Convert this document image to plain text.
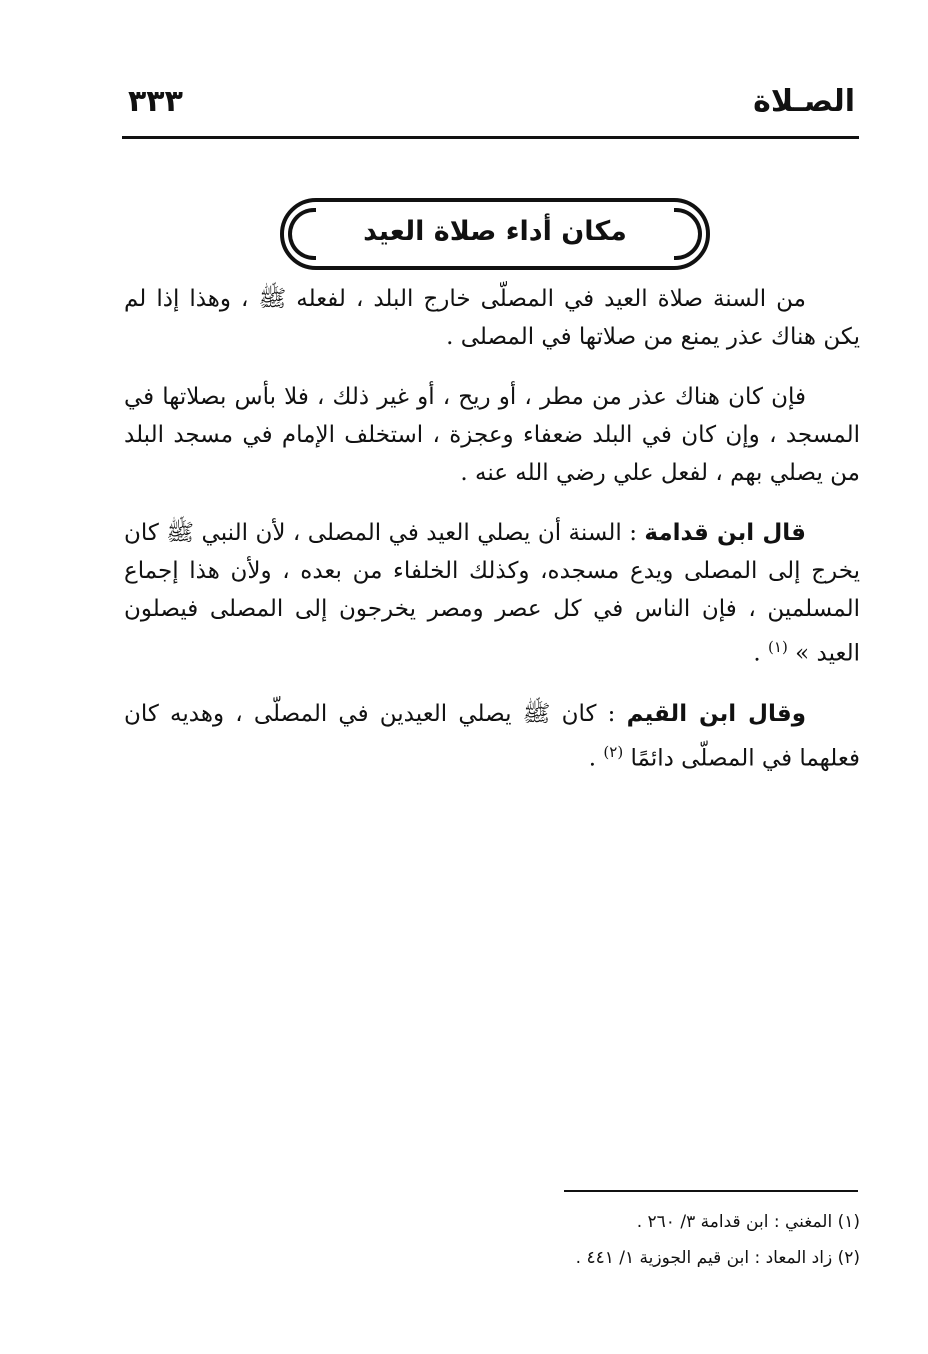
الصـلاة
٣٣٣
مكان أداء صلاة العيد

من السنة صلاة العيد في المصلّى خارج البلد ، لفعله ﷺ ، وهذا إذا لم يكن هناك عذر يمنع من صلاتها في المصلى .

فإن كان هناك عذر من مطر ، أو ريح ، أو غير ذلك ، فلا بأس بصلاتها في المسجد ، وإن كان في البلد ضعفاء وعجزة ، استخلف الإمام في مسجد البلد من يصلي بهم ، لفعل علي رضي الله عنه .

قال ابن قدامة : السنة أن يصلي العيد في المصلى ، لأن النبي ﷺ كان يخرج إلى المصلى ويدع مسجده، وكذلك الخلفاء من بعده ، ولأن هذا إجماع المسلمين ، فإن الناس في كل عصر ومصر يخرجون إلى المصلى فيصلون العيد » $^{(١)}$ .

وقال ابن القيم : كان ﷺ يصلي العيدين في المصلّى ، وهديه كان فعلهما في المصلّى دائمًا $^{(٢)}$ .

(١) المغني : ابن قدامة ٣/ ٢٦٠ .

(٢) زاد المعاد : ابن قيم الجوزية ١/ ٤٤١ .
